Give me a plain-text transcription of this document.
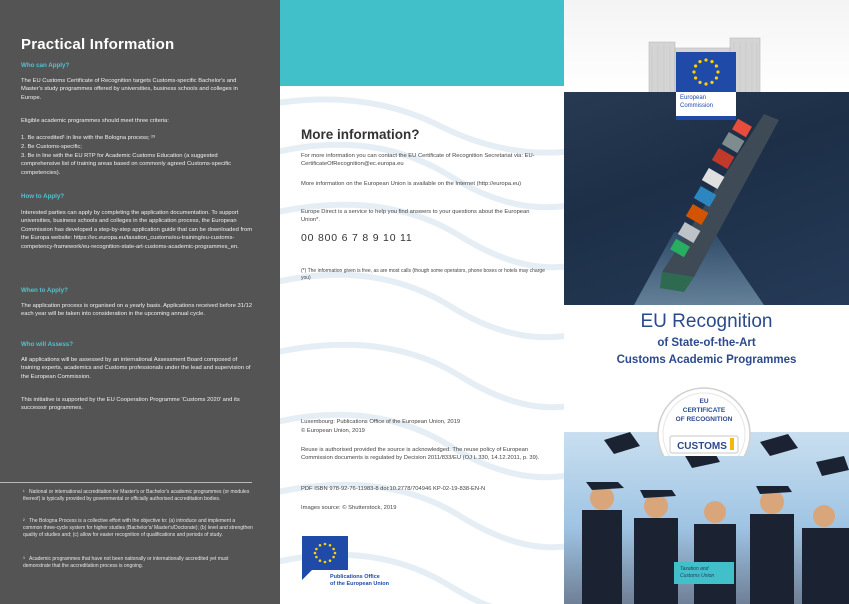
Practical Information
Who can Apply?
The EU Customs Certificate of Recognition targets Customs-specific Bachelor's and Master's study programmes offered by universities, business schools and colleges in Europe.
Eligible academic programmes should meet three criteria:
1. Be accredited¹ in line with the Bologna process; ²³
2. Be Customs-specific;
3. Be in line with the EU RTP for Academic Customs Education (a suggested comprehensive list of training areas based on commonly agreed Customs-specific competencies).
How to Apply?
Interested parties can apply by completing the application documentation. To support universities, business schools and colleges in the application process, the European Commission has developed a step-by-step application guide that can be downloaded from the Europa website: https://ec.europa.eu/taxation_customs/eu-training/eu-customs-competency-framework/eu-recognition-state-art-customs-academic-programmes_en.
When to Apply?
The application process is organised on a yearly basis. Applications received before 31/12 each year will be taken into consideration in the upcoming annual cycle.
Who will Assess?
All applications will be assessed by an international Assessment Board composed of training experts, academics and Customs professionals under the lead and supervision of the European Commission.
This initiative is supported by the EU Cooperation Programme 'Customs 2020' and its successor programmes.
¹ National or international accreditation for Master's or Bachelor's academic programmes (or modules thereof) is typically provided by governmental or officially authorised accreditation bodies.
² The Bologna Process is a collective effort with the objective to: (a) introduce and implement a common three-cycle system for higher studies (Bachelor's/ Master's/Doctorate); (b) level and strengthen quality of studies and; (c) allow for easier recognition of qualifications and periods of study.
³ Academic programmes that have not been nationally or internationally accredited yet must demonstrate that the accreditation process is ongoing.
More information?
For more information you can contact the EU Certificate of Recognition Secretariat via: EU-CertificateOfRecognition@ec.europa.eu
More information on the European Union is available on the Internet (http://europa.eu)
Europe Direct is a service to help you find answers to your questions about the European Union*.
00 800 6 7 8 9 10 11
(*) The information given is free, as are most calls (though some operators, phone boxes or hotels may charge you)
Luxembourg: Publications Office of the European Union, 2019
© European Union, 2019
Reuse is authorised provided the source is acknowledged. The reuse policy of European Commission documents is regulated by Decision 2011/833/EU (OJ L 330, 14.12.2011, p. 39).
PDF ISBN 978-92-76-11983-8 doi:10.2778/704946 KP-02-19-838-EN-N
Images source: © Shutterstock, 2019
Publications Office
of the European Union
EU Recognition
of State-of-the-Art
Customs Academic Programmes
EU
CERTIFICATE
OF RECOGNITION
CUSTOMS
Taxation and
Customs Union
European
Commission
